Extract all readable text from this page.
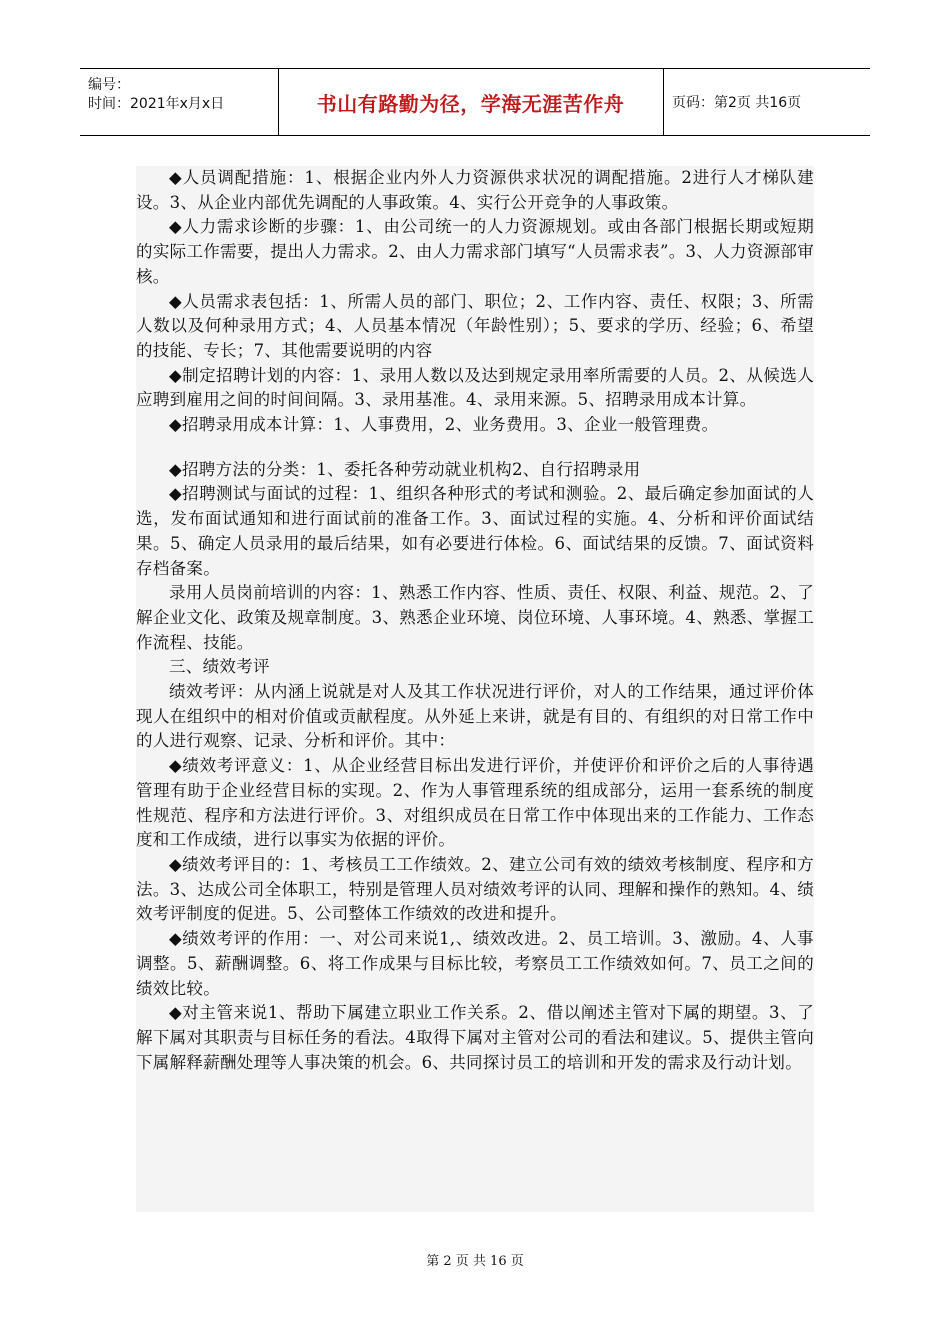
编号：
时间：2021年x月x日	书山有路勤为径，学海无涯苦作舟	页码：第2页 共16页

◆人员调配措施：1、根据企业内外人力资源供求状况的调配措施。2进行人才梯队建设。3、从企业内部优先调配的人事政策。4、实行公开竞争的人事政策。

◆人力需求诊断的步骤：1、由公司统一的人力资源规划。或由各部门根据长期或短期的实际工作需要，提出人力需求。2、由人力需求部门填写“人员需求表”。3、人力资源部审核。

◆人员需求表包括：1、所需人员的部门、职位；2、工作内容、责任、权限；3、所需人数以及何种录用方式；4、人员基本情况（年龄性别）；5、要求的学历、经验；6、希望的技能、专长；7、其他需要说明的内容

◆制定招聘计划的内容：1、录用人数以及达到规定录用率所需要的人员。2、从候选人应聘到雇用之间的时间间隔。3、录用基准。4、录用来源。5、招聘录用成本计算。

◆招聘录用成本计算：1、人事费用，2、业务费用。3、企业一般管理费。

◆招聘方法的分类：1、委托各种劳动就业机构2、自行招聘录用

◆招聘测试与面试的过程：1、组织各种形式的考试和测验。2、最后确定参加面试的人选，发布面试通知和进行面试前的准备工作。3、面试过程的实施。4、分析和评价面试结果。5、确定人员录用的最后结果，如有必要进行体检。6、面试结果的反馈。7、面试资料存档备案。

录用人员岗前培训的内容：1、熟悉工作内容、性质、责任、权限、利益、规范。2、了解企业文化、政策及规章制度。3、熟悉企业环境、岗位环境、人事环境。4、熟悉、掌握工作流程、技能。

三、绩效考评

绩效考评：从内涵上说就是对人及其工作状况进行评价，对人的工作结果，通过评价体现人在组织中的相对价值或贡献程度。从外延上来讲，就是有目的、有组织的对日常工作中的人进行观察、记录、分析和评价。其中：

◆绩效考评意义：1、从企业经营目标出发进行评价，并使评价和评价之后的人事待遇管理有助于企业经营目标的实现。2、作为人事管理系统的组成部分，运用一套系统的制度性规范、程序和方法进行评价。3、对组织成员在日常工作中体现出来的工作能力、工作态度和工作成绩，进行以事实为依据的评价。

◆绩效考评目的：1、考核员工工作绩效。2、建立公司有效的绩效考核制度、程序和方法。3、达成公司全体职工，特别是管理人员对绩效考评的认同、理解和操作的熟知。4、绩效考评制度的促进。5、公司整体工作绩效的改进和提升。

◆绩效考评的作用：一、对公司来说1,、绩效改进。2、员工培训。3、激励。4、人事调整。5、薪酬调整。6、将工作成果与目标比较，考察员工工作绩效如何。7、员工之间的绩效比较。

◆对主管来说1、帮助下属建立职业工作关系。2、借以阐述主管对下属的期望。3、了解下属对其职责与目标任务的看法。4取得下属对主管对公司的看法和建议。5、提供主管向下属解释薪酬处理等人事决策的机会。6、共同探讨员工的培训和开发的需求及行动计划。

第 2 页 共 16 页
